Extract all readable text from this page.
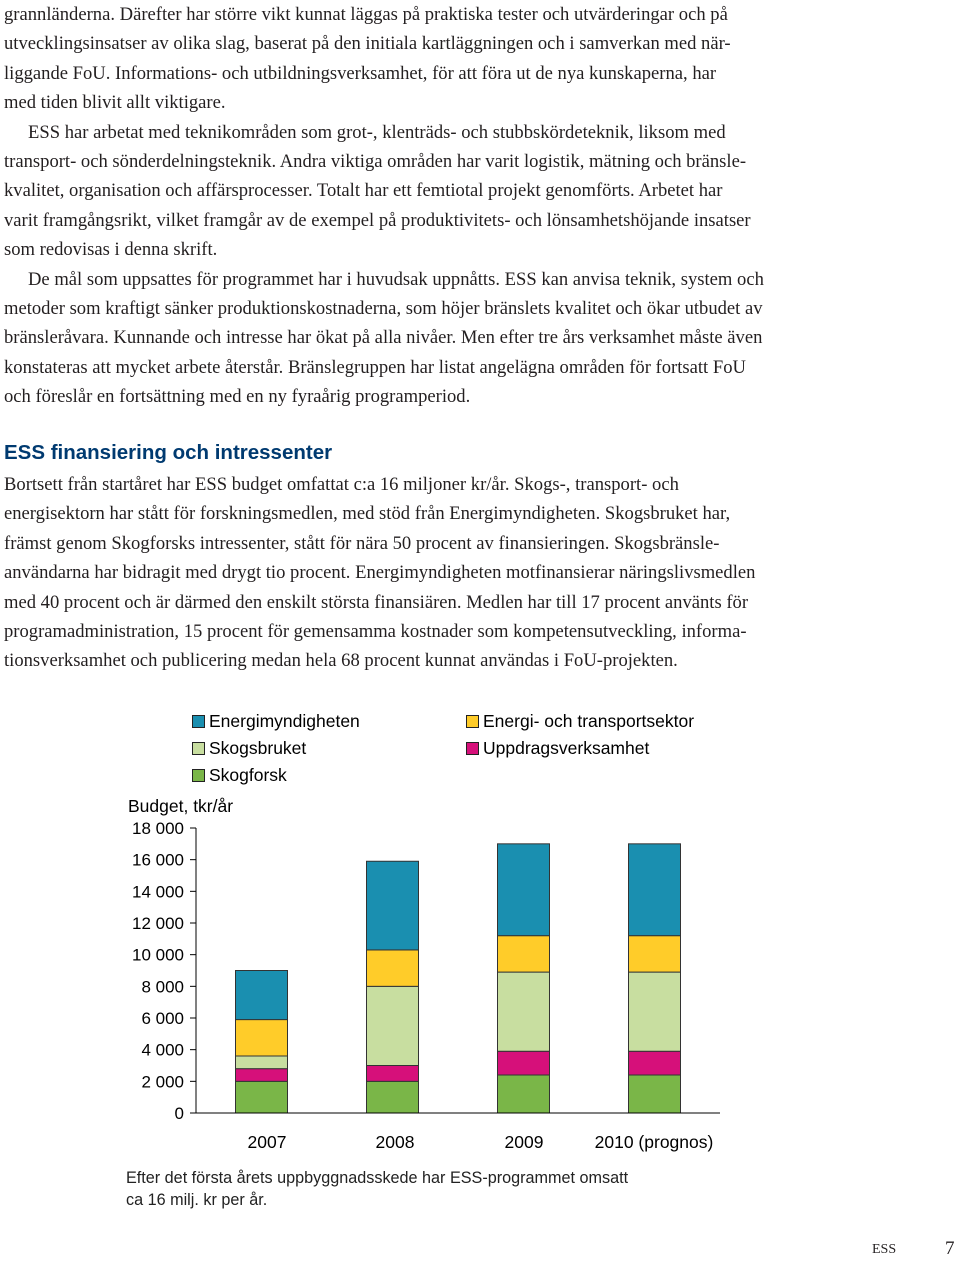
grannländerna. Därefter har större vikt kunnat läggas på praktiska tester och utvärderingar och på
utvecklingsinsatser av olika slag, baserat på den initiala kartläggningen och i samverkan med när-
liggande FoU. Informations- och utbildningsverksamhet, för att föra ut de nya kunskaperna, har
med tiden blivit allt viktigare.

ESS har arbetat med teknikområden som grot-, klenträds- och stubbskördeteknik, liksom med
transport- och sönderdelningsteknik. Andra viktiga områden har varit logistik, mätning och bränsle-
kvalitet, organisation och affärsprocesser. Totalt har ett femtiotal projekt genomförts. Arbetet har
varit framgångsrikt, vilket framgår av de exempel på produktivitets- och lönsamhetshöjande insatser
som redovisas i denna skrift.

De mål som uppsattes för programmet har i huvudsak uppnåtts. ESS kan anvisa teknik, system och
metoder som kraftigt sänker produktionskostnaderna, som höjer bränslets kvalitet och ökar utbudet av
bränsleråvara. Kunnande och intresse har ökat på alla nivåer. Men efter tre års verksamhet måste även
konstateras att mycket arbete återstår. Bränslegruppen har listat angelägna områden för fortsatt FoU
och föreslår en fortsättning med en ny fyraårig programperiod.

ESS finansiering och intressenter

Bortsett från startåret har ESS budget omfattat c:a 16 miljoner kr/år. Skogs-, transport- och
energisektorn har stått för forskningsmedlen, med stöd från Energimyndigheten. Skogsbruket har,
främst genom Skogforsks intressenter, stått för nära 50 procent av finansieringen. Skogsbränsle-
användarna har bidragit med drygt tio procent. Energimyndigheten motfinansierar näringslivsmedlen
med 40 procent och är därmed den enskilt största finansiären. Medlen har till 17 procent använts för
programadministration, 15 procent för gemensamma kostnader som kompetensutveckling, informa-
tionsverksamhet och publicering medan hela 68 procent kunnat användas i FoU-projekten.

Energimyndigheten	Energi- och transportsektor
Skogsbruket	Uppdragsverksamhet
Skogforsk
Budget, tkr/år
0
2 000
4 000
6 000
8 000
10 000
12 000
14 000
16 000
18 000
2007	2008	2009	2010 (prognos)
Efter det första årets uppbyggnadsskede har ESS-programmet omsatt
ca 16 milj. kr per år.
ESS	7
